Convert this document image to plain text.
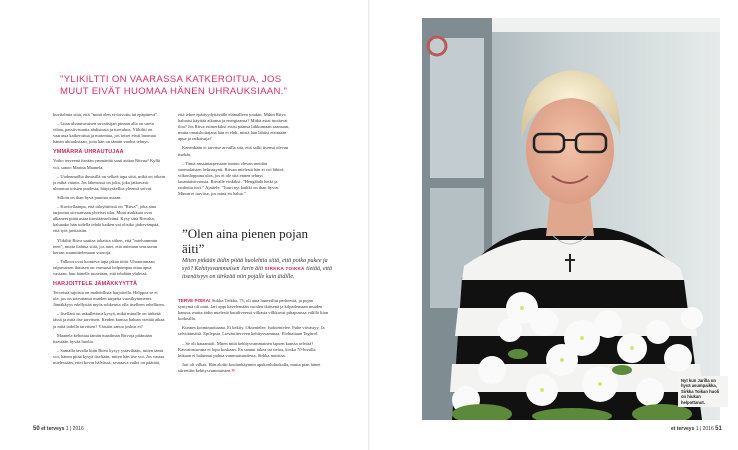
"YLIKILTTI ON VAARASSA KATKEROITUA, JOS MUUT EIVÄT HUOMAA HÄNEN UHRAUKSIAAN."

kuvitelmia siitä, että ”minä olen ei-toivottu tai epäpätevä”.

– Liian uhrautuvaisen suvaitsijan pinnan alla on usein vihaa, passiivisuutta ahdistusta ja itsetuhoa. Ylikiltti on vaarassa katkeroitua ja masentua, jos toiset eivät huomaa hänen uhrauksiaan, joita hän on tämän vuoksi tehnyt.

YMMÄRRÄ UHRAUTUJAA

Voiko terveenä itseään ymmärtää saati auttaa Ritvaa? Kyllä voi, sanoo Marina Maanela.

– Uudenmallia ihmisillä on selkeä tapa siitä, mikä on oikein ja mikä väärin. Jos läheisissä on joku, joka jatkuvasti uhrautuu toisten puolesta, hätytyskelloa yleensä soivat.

Silloin on ihan hyvä puuttua asiaan.

– Kuvitellaanpa, että taloyhtiössä on ”Ritva”, joka aina tarjoutuu siivoamaan yhteiset tilat. Muut asukkaat ovat alkaneet pitää asiaa itsestäänselvänä. Kysy sinä Ritvalta, haluaako hän todella tehdä kaiken vai olisiko järkevämpää, että työt jaettaisiin.

Ylikiltti Ritva saattaa tokaista siihen, että ”mieluummin teen”, mutta ilahtua siitä, jos näet, että autetaan seuraavan kerran suunnittelemaan vuoroja.

– Talkoot ovat luonteva tapa jakaa töitä. Uhrautumaan taipuvaisen ihmisen on varmasti helpompaa ottaa apua vastaan, kun hänelle tuotetaan, että tehdään yhdessä.

HARJOITTELE JÄMÄKKYYTTÄ

Terveistä rajoista on mahdollista harjoitella. Helppoa se ei ole, jos on toteuttanut muiden tarpeita vuosikymmenet. Jämäkkyys edellyttää myös rohkeutta olla itselleen rehellinen.

– Itselläni on uskallettava kysyä, mikä minulle on tärkeää tässä ja mitä itse tarvitsen. Keiden kanssa haluan viettää aikaa ja mitä todella tarvitsen? Väistön sanoa joskus ei?

Maanela kehottaa tämän maailman Ritvoja pitämään itsestään hyvää huolta.

– Samalla tavalla kuin Ritva kysyy ystäviltään, miten tämä voi, hänen pitää kysyä itseltään, miten hän itse voi. Jos vastaa mielessään, ettei kovin hälvässä, seuraava vaihe on päättää,

että tekee epäityydyttävälle elämälleen jotakin. Mihin Ritva haluaisi käyttää aikansa ja energiaansa? Mitkä asiat tuottavat iloa? Jos Ritva esimerkiksi etsisi päänsä liikkumaan saamaan, mutta omaishoitajana hän ei ehdi, mistä hän lähtisi etsimään apua ja ratkaisuja?

Kenenkään ei tarvitse arvailla sitä, että sallii itsensä olevan itsekäs.

– Tämä ansaintatperiaate tuntuu olevan meidän suomalaisten helmasynti. Ritvan mielestä hän ei voi lähteä viikonloppuna ulos, jos ei ole sitä ennen tehnyt lauantaisiivousta. Ritvalle vinkiksi: ”Hengähdä hetki ja rauhoitu tuvi.” Ajattele: ”Juuri nyt kaikki on ihan hyvin. Minun ei tarvitse, jos minä en halua.”

”Olen aina pienen pojan äiti”
Miten pitkään äidin pitää huolehtia siitä, että poika pukee ja syö? Kehitysvammaisen Jarin äiti SIRKKA TOIKKA tietää, että itsenäisyys on tärkeää niin pojalle kuin äidille.

TERVE POIKA! Sirkka Toikka, 75, oli aina haaveillut perheestä, ja pojan syntymä oli onni. Jari oppi kävelemään vuoden ikäisenä ja kilpailemaan muiden kanssa, mutta äidin mielestä kuraliveessä vilkasta vilkkuvat pihapuussa välillä liian korkealla.

Kunnes koiminuotiaana. Ei kekity. Oksentelee. Isoksentelee. Puhe viivästyy. Ja selvittämättä. Epilepsia. Lievästiterveen kehitysvammaa. Elohtaitaan Tegitrol.

– Se oli kaiaantolt. Miten mitä kehitysvammainen lapsen kanssa selviää? Kasvatustavana ei lopu koskaan. En saanut tukea tai tietoa, koska 70-luvulla kukaan ei halunnut puhua vammaisuudesta, Sirkka muistaa.

Jari oli vilkas. Hän aloitti koulunkäynnin apukoululuokalla, mutta pian hänet siirrettiin kehitysvammaisten »

50 et terveys 1 | 2016	et terveys 1 | 2016 51
Nyt kun Jarilla on hyvä asumpaikka, Sirkka Toikan huoli on hiukan helpottanut.
